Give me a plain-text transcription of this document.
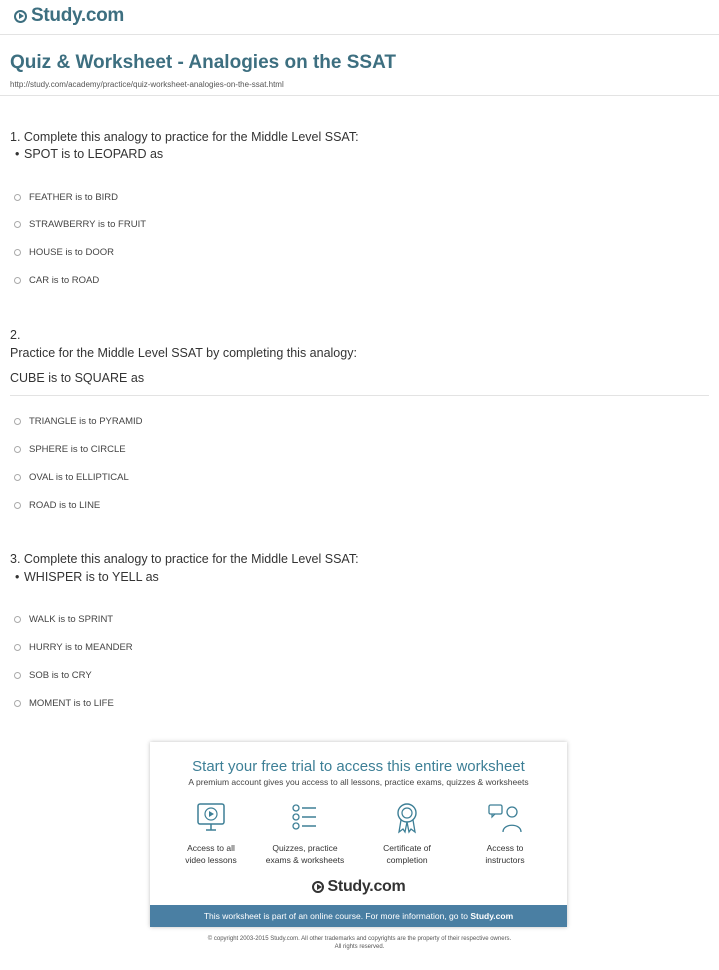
Study.com
Quiz & Worksheet - Analogies on the SSAT
http://study.com/academy/practice/quiz-worksheet-analogies-on-the-ssat.html
1. Complete this analogy to practice for the Middle Level SSAT:
• SPOT is to LEOPARD as
FEATHER is to BIRD
STRAWBERRY is to FRUIT
HOUSE is to DOOR
CAR is to ROAD
2.
Practice for the Middle Level SSAT by completing this analogy:
CUBE is to SQUARE as
TRIANGLE is to PYRAMID
SPHERE is to CIRCLE
OVAL is to ELLIPTICAL
ROAD is to LINE
3. Complete this analogy to practice for the Middle Level SSAT:
• WHISPER is to YELL as
WALK is to SPRINT
HURRY is to MEANDER
SOB is to CRY
MOMENT is to LIFE
Start your free trial to access this entire worksheet
A premium account gives you access to all lessons, practice exams, quizzes & worksheets
Access to all
video lessons
Quizzes, practice
exams & worksheets
Certificate of
completion
Access to
instructors
Study.com
This worksheet is part of an online course. For more information, go to Study.com
© copyright 2003-2015 Study.com. All other trademarks and copyrights are the property of their respective owners.
All rights reserved.
